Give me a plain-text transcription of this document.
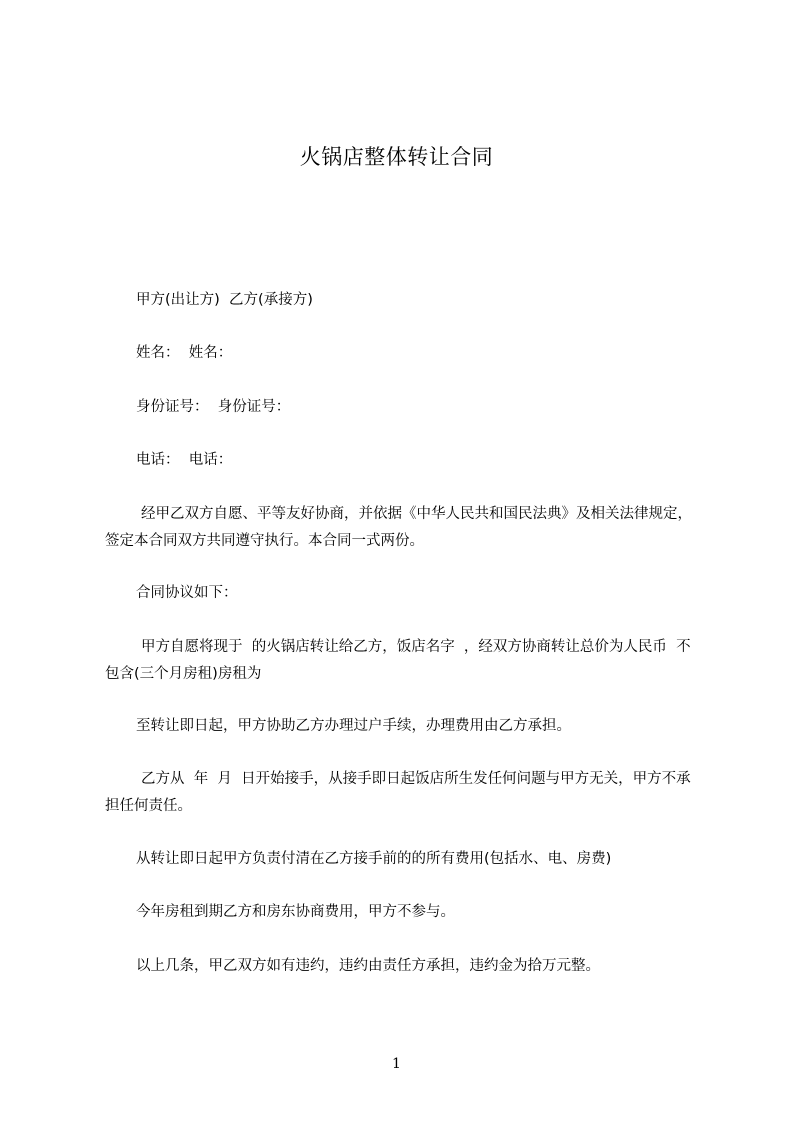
火锅店整体转让合同
甲方(出让方)  乙方(承接方)
姓名：  姓名：
身份证号：  身份证号：
电话：  电话：
经甲乙双方自愿、平等友好协商，并依据《中华人民共和国民法典》及相关法律规定，签定本合同双方共同遵守执行。本合同一式两份。
合同协议如下：
甲方自愿将现于  的火锅店转让给乙方，饭店名字  ，经双方协商转让总价为人民币  不包含(三个月房租)房租为
至转让即日起，甲方协助乙方办理过户手续，办理费用由乙方承担。
乙方从  年  月  日开始接手，从接手即日起饭店所生发任何问题与甲方无关，甲方不承担任何责任。
从转让即日起甲方负责付清在乙方接手前的的所有费用(包括水、电、房费)
今年房租到期乙方和房东协商费用，甲方不参与。
以上几条，甲乙双方如有违约，违约由责任方承担，违约金为拾万元整。
1
